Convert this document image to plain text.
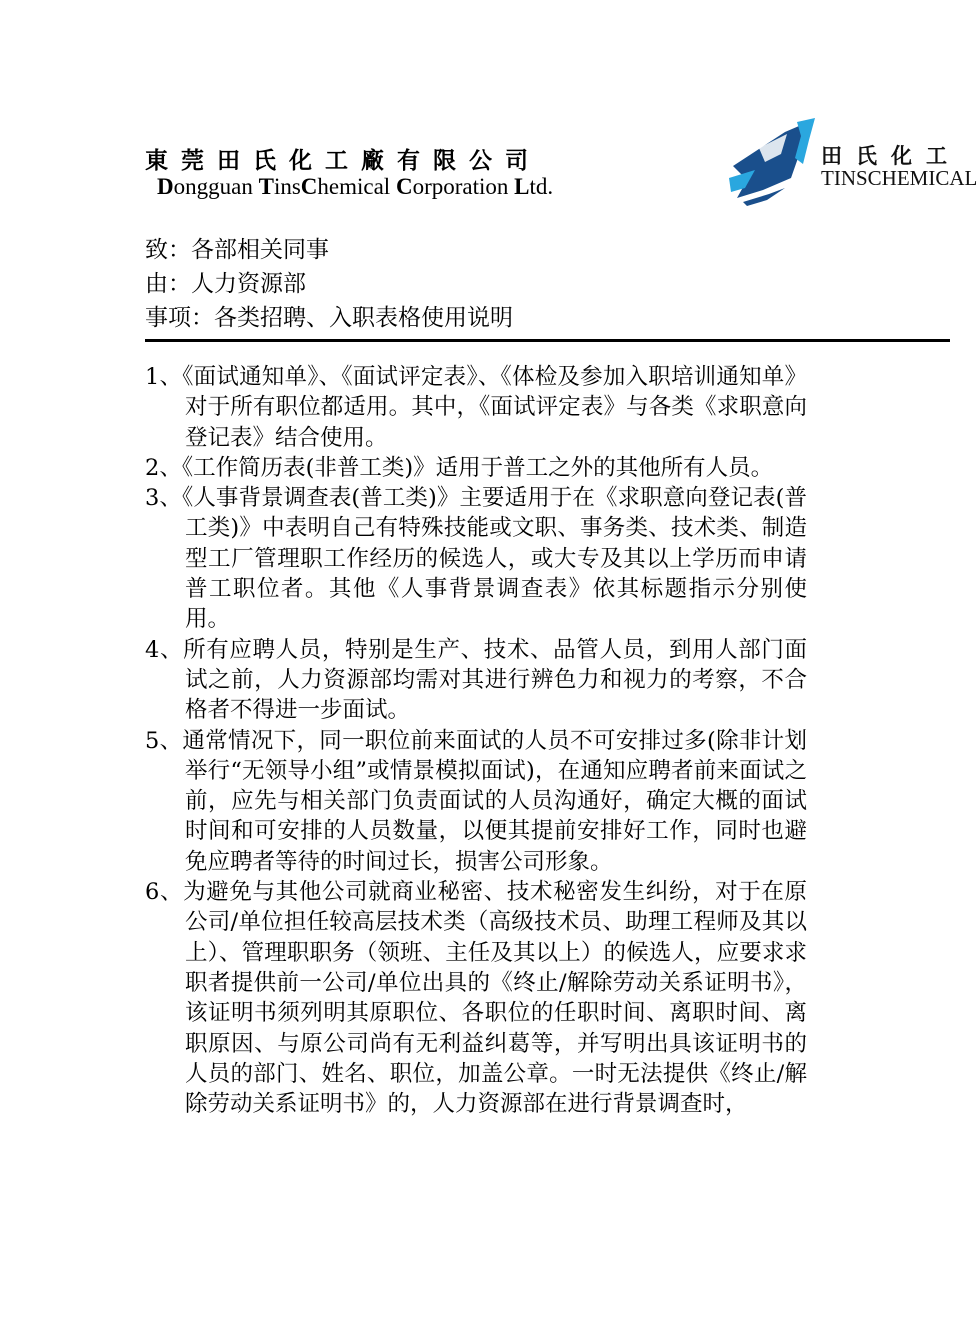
東莞田氏化工廠有限公司
Dongguan TinsChemical Corporation Ltd.
田氏化工
TINSCHEMICAL
致：各部相关同事
由：人力资源部
事项：各类招聘、入职表格使用说明

1、《面试通知单》、《面试评定表》、《体检及参加入职培训通知单》对于所有职位都适用。其中，《面试评定表》与各类《求职意向登记表》结合使用。

2、《工作简历表(非普工类)》适用于普工之外的其他所有人员。

3、《人事背景调查表(普工类)》主要适用于在《求职意向登记表(普工类)》中表明自己有特殊技能或文职、事务类、技术类、制造型工厂管理职工作经历的候选人，或大专及其以上学历而申请普工职位者。其他《人事背景调查表》依其标题指示分别使用。

4、所有应聘人员，特别是生产、技术、品管人员，到用人部门面试之前，人力资源部均需对其进行辨色力和视力的考察，不合格者不得进一步面试。

5、通常情况下，同一职位前来面试的人员不可安排过多(除非计划举行“无领导小组”或情景模拟面试)，在通知应聘者前来面试之前，应先与相关部门负责面试的人员沟通好，确定大概的面试时间和可安排的人员数量，以便其提前安排好工作，同时也避免应聘者等待的时间过长，损害公司形象。

6、为避免与其他公司就商业秘密、技术秘密发生纠纷，对于在原公司/单位担任较高层技术类（高级技术员、助理工程师及其以上）、管理职职务（领班、主任及其以上）的候选人，应要求求职者提供前一公司/单位出具的《终止/解除劳动关系证明书》，该证明书须列明其原职位、各职位的任职时间、离职时间、离职原因、与原公司尚有无利益纠葛等，并写明出具该证明书的人员的部门、姓名、职位，加盖公章。一时无法提供《终止/解除劳动关系证明书》的，人力资源部在进行背景调查时，
